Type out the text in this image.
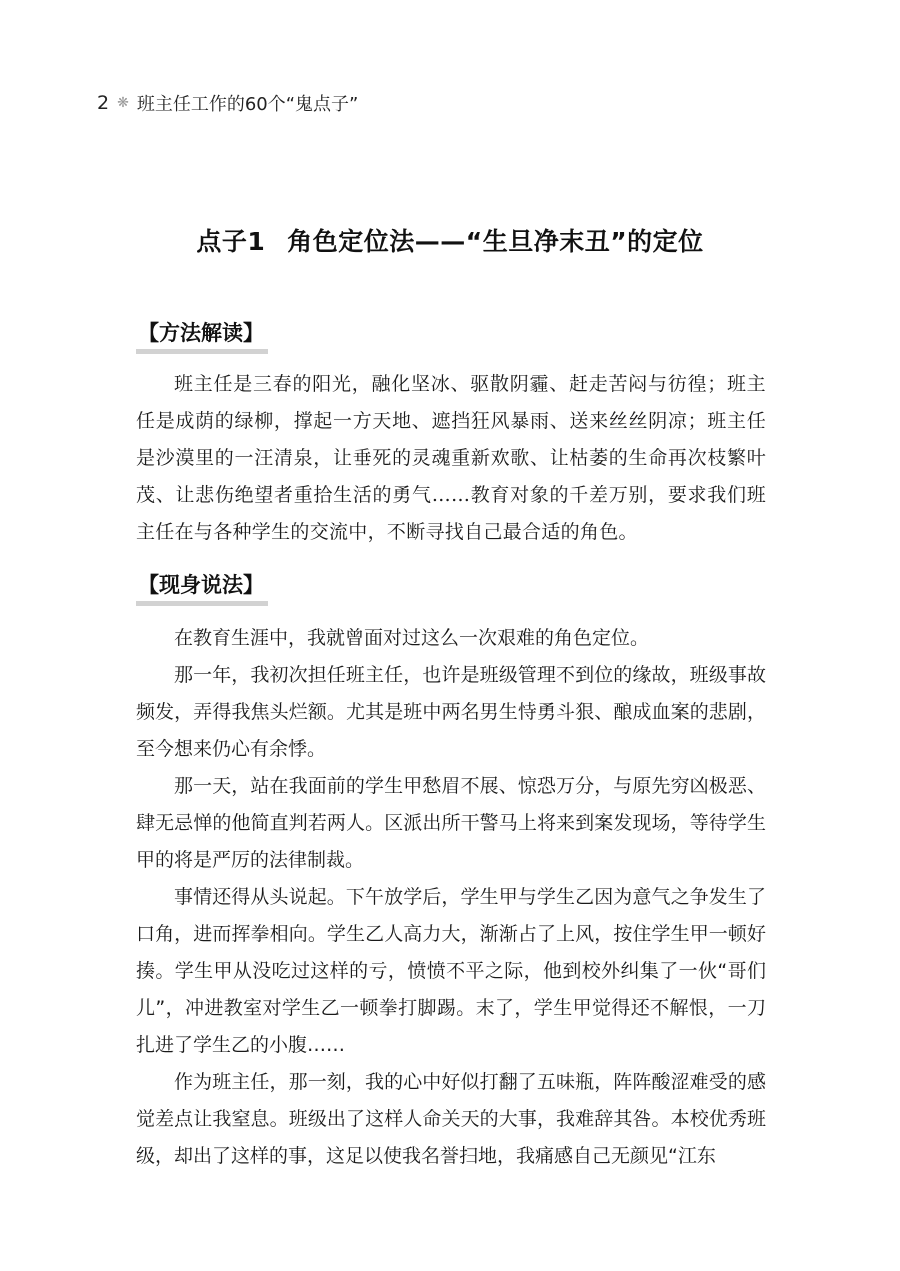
2 ❋ 班主任工作的60个“鬼点子”
点子1 角色定位法——“生旦净末丑”的定位
【方法解读】

班主任是三春的阳光，融化坚冰、驱散阴霾、赶走苦闷与彷徨；班主任是成荫的绿柳，撑起一方天地、遮挡狂风暴雨、送来丝丝阴凉；班主任是沙漠里的一汪清泉，让垂死的灵魂重新欢歌、让枯萎的生命再次枝繁叶茂、让悲伤绝望者重拾生活的勇气……教育对象的千差万别，要求我们班主任在与各种学生的交流中，不断寻找自己最合适的角色。

【现身说法】

在教育生涯中，我就曾面对过这么一次艰难的角色定位。

那一年，我初次担任班主任，也许是班级管理不到位的缘故，班级事故频发，弄得我焦头烂额。尤其是班中两名男生恃勇斗狠、酿成血案的悲剧，至今想来仍心有余悸。

那一天，站在我面前的学生甲愁眉不展、惊恐万分，与原先穷凶极恶、肆无忌惮的他简直判若两人。区派出所干警马上将来到案发现场，等待学生甲的将是严厉的法律制裁。

事情还得从头说起。下午放学后，学生甲与学生乙因为意气之争发生了口角，进而挥拳相向。学生乙人高力大，渐渐占了上风，按住学生甲一顿好揍。学生甲从没吃过这样的亏，愤愤不平之际，他到校外纠集了一伙“哥们儿”，冲进教室对学生乙一顿拳打脚踢。末了，学生甲觉得还不解恨，一刀扎进了学生乙的小腹……

作为班主任，那一刻，我的心中好似打翻了五味瓶，阵阵酸涩难受的感觉差点让我窒息。班级出了这样人命关天的大事，我难辞其咎。本校优秀班级，却出了这样的事，这足以使我名誉扫地，我痛感自己无颜见“江东
